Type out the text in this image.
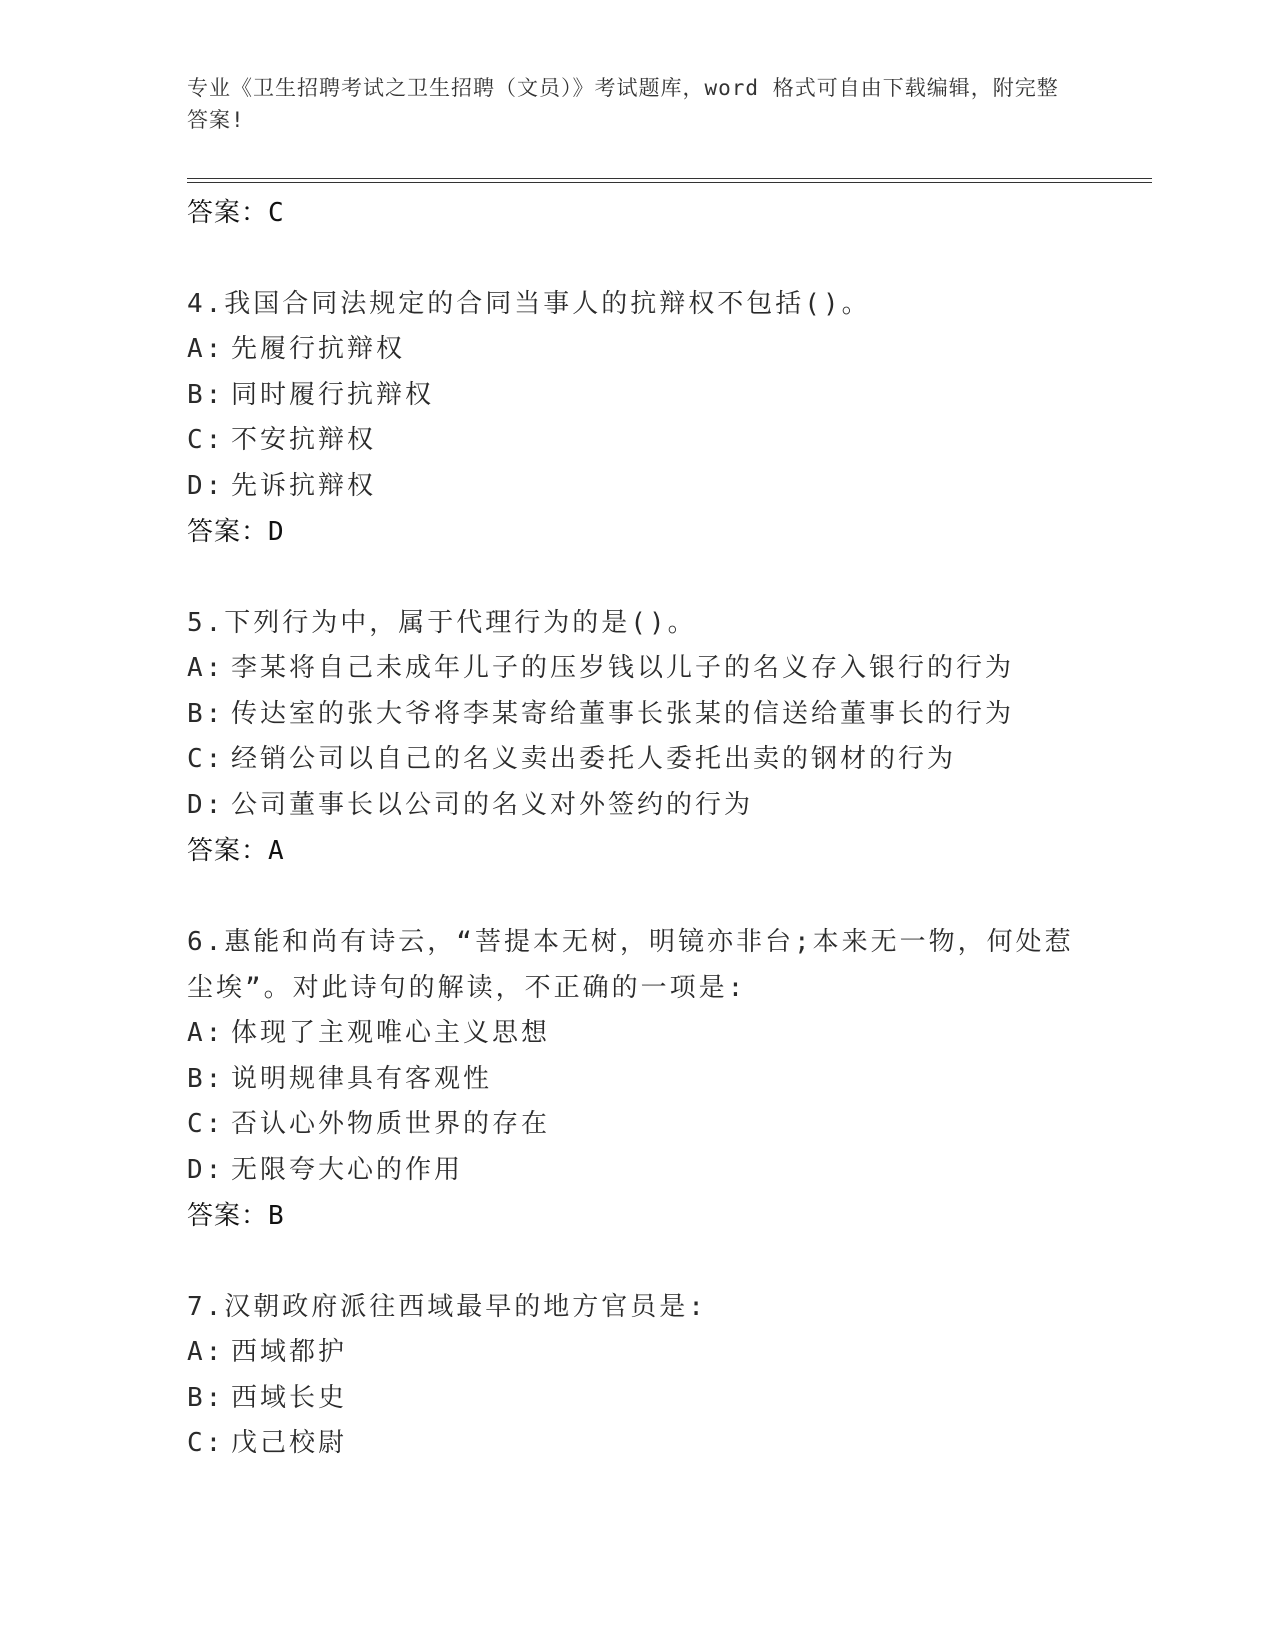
专业《卫生招聘考试之卫生招聘（文员）》考试题库，word 格式可自由下载编辑，附完整答案!
答案：C
4.我国合同法规定的合同当事人的抗辩权不包括()。
A: 先履行抗辩权
B: 同时履行抗辩权
C: 不安抗辩权
D: 先诉抗辩权
答案：D
5.下列行为中，属于代理行为的是()。
A: 李某将自己未成年儿子的压岁钱以儿子的名义存入银行的行为
B: 传达室的张大爷将李某寄给董事长张某的信送给董事长的行为
C: 经销公司以自己的名义卖出委托人委托出卖的钢材的行为
D: 公司董事长以公司的名义对外签约的行为
答案：A
6.惠能和尚有诗云，“菩提本无树，明镜亦非台;本来无一物，何处惹尘埃”。对此诗句的解读，不正确的一项是:
A: 体现了主观唯心主义思想
B: 说明规律具有客观性
C: 否认心外物质世界的存在
D: 无限夸大心的作用
答案：B
7.汉朝政府派往西域最早的地方官员是:
A: 西域都护
B: 西域长史
C: 戊己校尉
